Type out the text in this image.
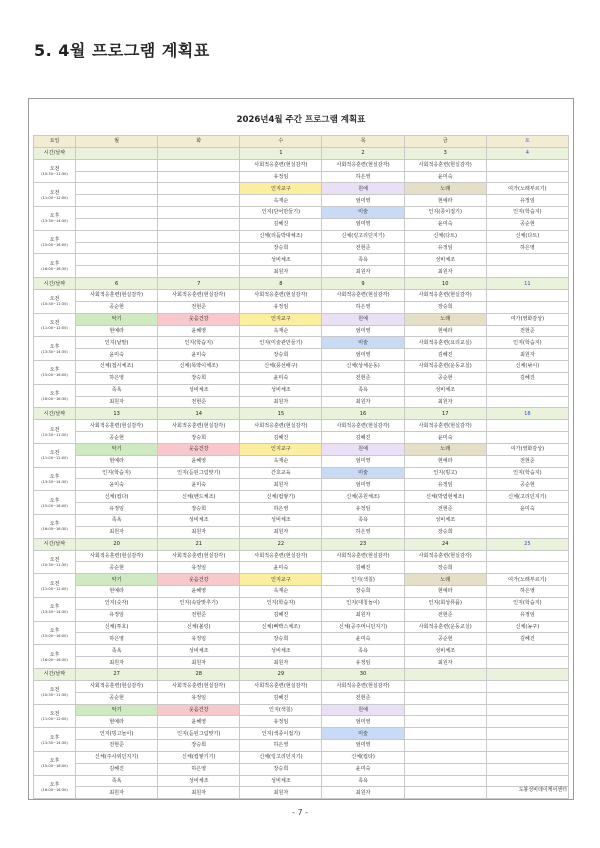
5. 4월 프로그램 계획표
2026년4월 주간 프로그램 계획표
요일	월	화	수	목	금	토
시간/날짜			1	2	3	4
오전
(10:30~11:30)			사회적응훈련(현실감각)	사회적응훈련(현실감각)	사회적응훈련(현실감각)	
			유정임	하은영	윤미숙	
오전
(11:00~12:00)			인지교구	원예	노래	여가(노래부르기)
			옥재순	엄미영	현예라	유정임
오후
(13:30~14:30)			인지(단어만들기)	미술	인지(종이접기)	인지(학습지)
			김혜진	엄미영	윤미숙	공순현
오후
(15:00~16:00)			신체(리듬박대체조)	신체(링고리던지기)	신체(다트)	신체(다트)
			장승희	전현준	유정임	하은영
오후
(16:00~16:30)			성비체조	족욕	성비체조	
			최원자	최원자	최원자	
시간/날짜	6	7	8	9	10	11
오전
(10:30~11:30)	사회적응훈련(현실감각)	사회적응훈련(현실감각)	사회적응훈련(현실감각)	사회적응훈련(현실감각)	사회적응훈련(현실감각)	
	공순현	전현준	유정임	하은영	장승희	
오전
(11:00~12:00)	악기	웃음건강	인지교구	원예	노래	여가(영화감상)
	현예라	윤혜영	옥재순	엄미영	현예라	전현준
오후
(13:30~14:30)	인지(낱말)	인지(학습지)	인지(미술관만들기)	미술	사회적응훈련(요리교실)	인지(학습지)
	윤미숙	윤미숙	장승희	엄미영	김혜진	최원자
오후
(15:00~16:00)	신체(접시체조)	신체(똑딱이체조)	신체(풍선배구)	신체(상체운동)	사회적응훈련(운동교실)	신체(낚시)
	하은영	장승희	윤미숙	전현준	공순현	김혜진
오후
(16:00~16:30)	족욕	성비체조	성비체조	족욕	성비체조	
	최원자	전현준	최원자	최원자	최원자	
시간/날짜	13	14	15	16	17	18
오전
(10:30~11:30)	사회적응훈련(현실감각)	사회적응훈련(현실감각)	사회적응훈련(현실감각)	사회적응훈련(현실감각)	사회적응훈련(현실감각)	
	공순현	장승희	김혜진	김혜진	윤미숙	
오전
(11:00~12:00)	악기	웃음건강	인지교구	원예	노래	여가(영화감상)
	현예라	윤혜영	옥재순	엄미영	현예라	전현준
오후
(13:30~14:30)	인지(학습지)	인지(듣된그림맞기)	간호교육	미술	인지(빙고)	인지(학습지)
	윤미숙	윤미숙	최원자	엄미영	유정임	공순현
오후
(15:00~16:00)	신체(컵다)	신체(밴드체조)	신체(컵쌓기)	신체(공원체조)	신체(박엽현체조)	신체(고리던지기)
	유정임	장승희	하은영	유정임	전현준	윤미숙
오후
(16:00~16:30)	족욕	성비체조	성비체조	족욕	성비체조	
	최원자	최원자	최원자	하은영	장승희	
시간/날짜	20	21	22	23	24	25
오전
(10:30~11:30)	사회적응훈련(현실감각)	사회적응훈련(현실감각)	사회적응훈련(현실감각)	사회적응훈련(현실감각)	사회적응훈련(현실감각)	
	공순현	유정임	윤미숙	김혜진	장승희	
오전
(11:00~12:00)	악기	웃음건강	인지교구	인지(색칠)	노래	여가(노래부르기)
	현예라	윤혜영	옥재순	장승희	현예라	하은영
오후
(13:30~14:30)	인지(숫자)	인지(속담맞추기)	인지(학습지)	인지(대칭놀이)	인지(회상퓨퓸)	인지(학습지)
	유정임	전현준	김혜진	최원자	전현준	유정임
오후
(15:00~16:00)	신체(투호)	신체(볼링)	신체(뻐빡스체조)	신체(공주머니던지기)	사회적응훈련(운동교실)	신체(농구)
	하은영	유정임	장승희	윤미숙	공순현	김혜진
오후
(16:00~16:30)	족욕	성비체조	성비체조	족욕	성비체조	
	최원자	최원자	최원자	유정임	최원자	
시간/날짜	27	28	29	30		
오전
(10:30~11:30)	사회적응훈련(현실감각)	사회적응훈련(현실감각)	사회적응훈련(현실감각)	사회적응훈련(현실감각)		
	공순현	유정임	김혜진	전현준		
오전
(11:00~12:00)	악기	웃음건강	인지(색칠)	원예		
	현예라	윤혜영	유정임	엄미영		
오후
(13:30~14:30)	인지(빙고놀이)	인지(듣된그림맞기)	인지(색종이접기)	미술		
	전현준	장승희	하은영	엄미영		
오후
(15:00~16:00)	신체(주사위던지기)	신체(컵쌓기기)	신체(링고리던지기)	신체(컵타)		
	김혜진	하은영	장승희	윤미숙		
오후
(16:00~16:30)	족욕	성비체조	성비체조	족욕		
	최원자	최원자	최원자	최원자			도봉성비데이케어센터
- 7 -
